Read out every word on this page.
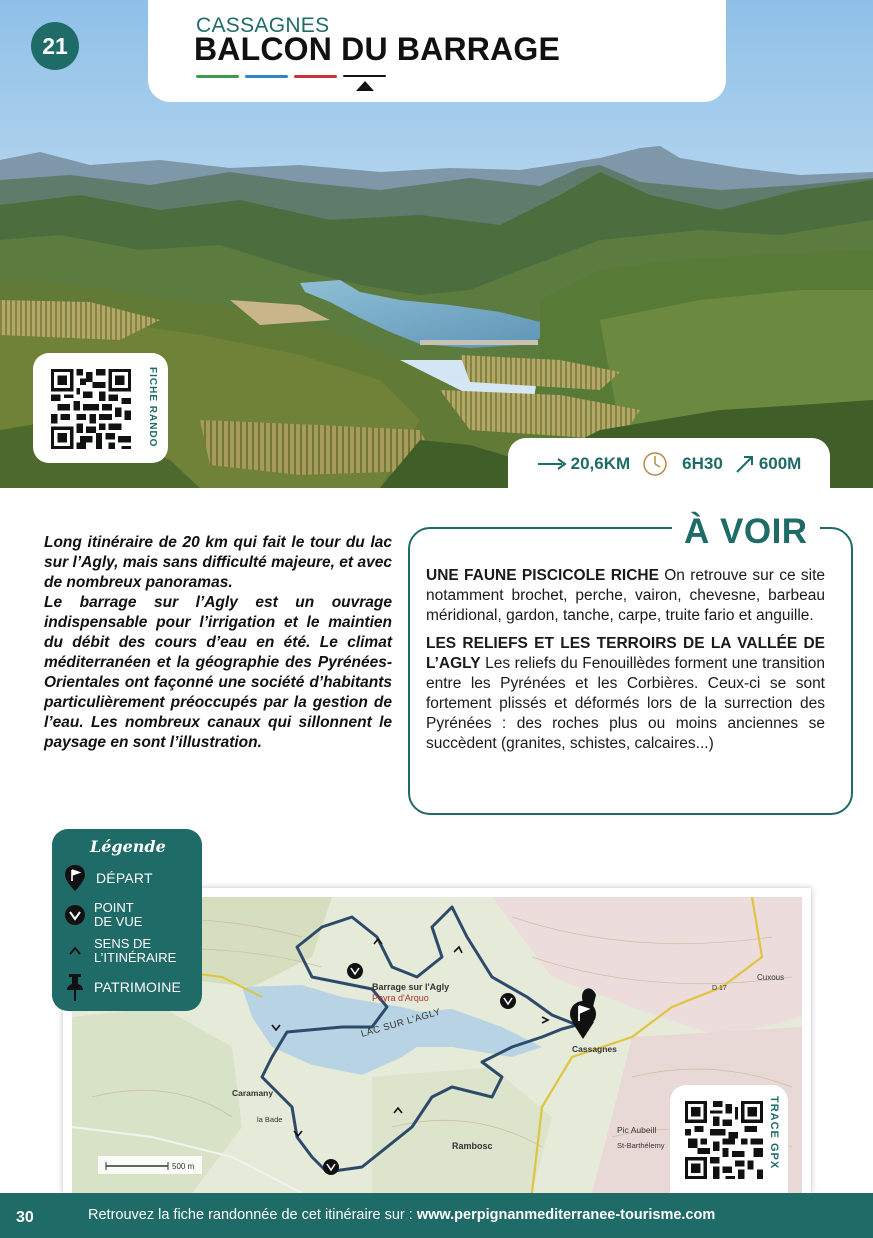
21
CASSAGNES
BALCON DU BARRAGE
FICHE RANDO
20,6KM	6H30 600M

Long itinéraire de 20 km qui fait le tour du lac sur l’Agly, mais sans difficulté majeure, et avec de nombreux panoramas.

Le barrage sur l’Agly est un ouvrage indispensable pour l’irrigation et le maintien du débit des cours d’eau en été. Le climat méditerranéen et la géographie des Pyrénées-Orientales ont façonné une société d’habitants particulièrement préoccupés par la gestion de l’eau. Les nombreux canaux qui sillonnent le paysage en sont l’illustration.

À VOIR

UNE FAUNE PISCICOLE RICHE On retrouve sur ce site notamment brochet, perche, vairon, chevesne, barbeau méridional, gardon, tanche, carpe, truite fario et anguille.

LES RELIEFS ET LES TERROIRS DE LA VALLÉE DE L’AGLY Les reliefs du Fenouillèdes forment une transition entre les Pyrénées et les Corbières. Ceux-ci se sont fortement plissés et déformés lors de la surrection des Pyrénées : des roches plus ou moins anciennes se succèdent (granites, schistes, calcaires...)

Barrage sur l'Agly
Peyra d'Arquo
LAC SUR L'AGLY
Cassagnes
Caramany
la Bade
Rambosc
Pic Aubeill
St-Barthélemy
Cuxous
D 17
500 m
Légende
DÉPART
POINT
DE VUE
SENS DE
L’ITINÉRAIRE
PATRIMOINE
TRACE GPX
30	Retrouvez la fiche randonnée de cet itinéraire sur : www.perpignanmediterranee-tourisme.com
